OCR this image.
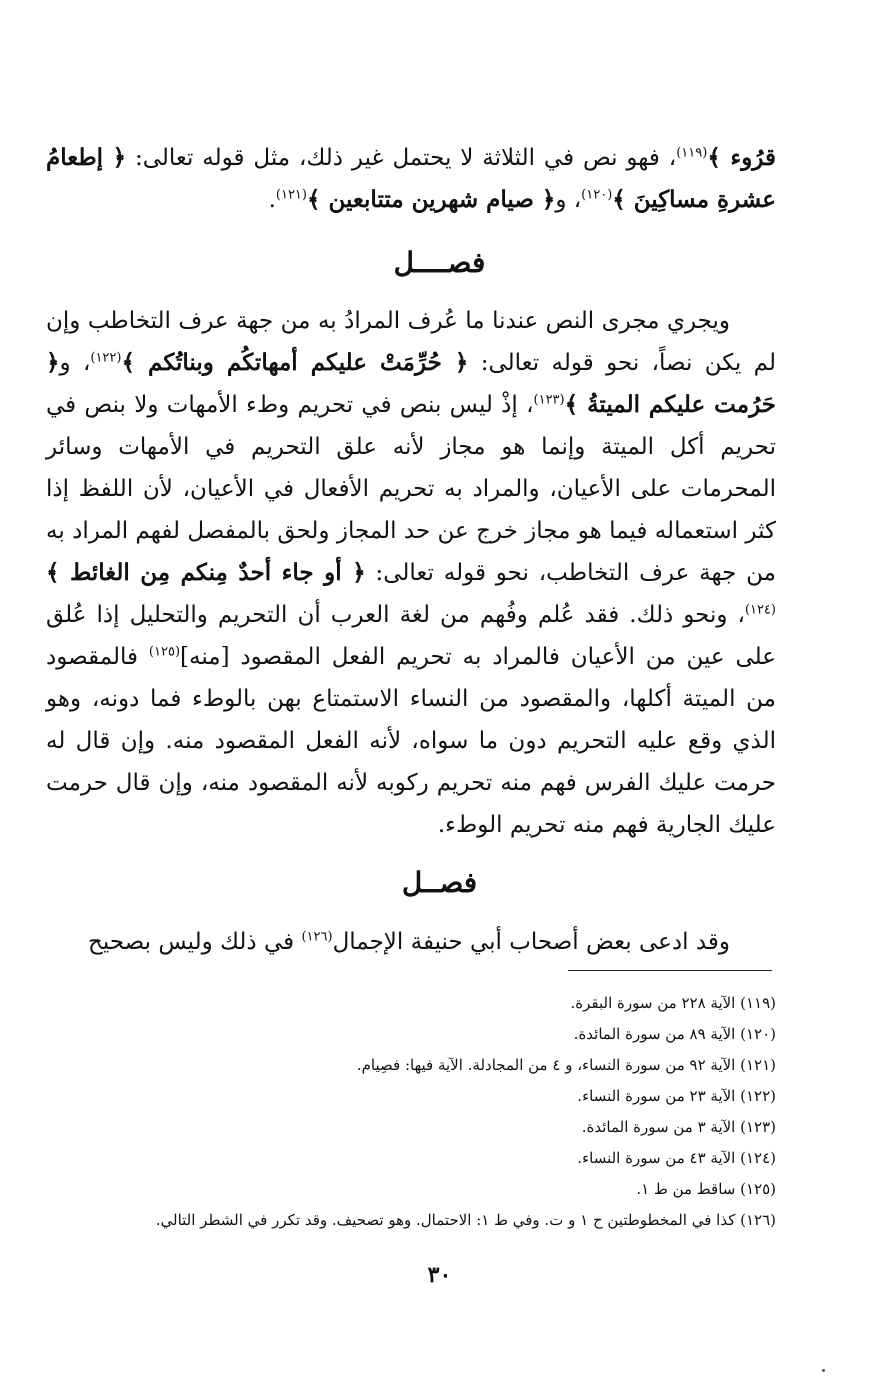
قرُوء ﴾$^{(١١٩)}$، فهو نص في الثلاثة لا يحتمل غير ذلك، مثل قوله تعالى: ﴿ إطعامُ عشرةِ مساكِينَ ﴾$^{(١٢٠)}$، و﴿ صيام شهرين متتابعين ﴾$^{(١٢١)}$.

فصــــل

ويجري مجرى النص عندنا ما عُرف المرادُ به من جهة عرف التخاطب وإن لم يكن نصاً، نحو قوله تعالى: ﴿ حُرِّمَتْ عليكم أمهاتكُم وبناتُكم ﴾$^{(١٢٢)}$، و﴿ حَرُمت عليكم الميتةُ ﴾$^{(١٢٣)}$، إذْ ليس بنص في تحريم وطء الأمهات ولا بنص في تحريم أكل الميتة وإنما هو مجاز لأنه علق التحريم في الأمهات وسائر المحرمات على الأعيان، والمراد به تحريم الأفعال في الأعيان، لأن اللفظ إذا كثر استعماله فيما هو مجاز خرج عن حد المجاز ولحق بالمفصل لفهم المراد به من جهة عرف التخاطب، نحو قوله تعالى: ﴿ أو جاء أحدٌ مِنكم مِن الغائط ﴾$^{(١٢٤)}$، ونحو ذلك. فقد عُلم وفُهم من لغة العرب أن التحريم والتحليل إذا عُلق على عين من الأعيان فالمراد به تحريم الفعل المقصود [منه]$^{(١٢٥)}$ فالمقصود من الميتة أكلها، والمقصود من النساء الاستمتاع بهن بالوطء فما دونه، وهو الذي وقع عليه التحريم دون ما سواه، لأنه الفعل المقصود منه. وإن قال له حرمت عليك الفرس فهم منه تحريم ركوبه لأنه المقصود منه، وإن قال حرمت عليك الجارية فهم منه تحريم الوطء.

فصــل

وقد ادعى بعض أصحاب أبي حنيفة الإجمال$^{(١٢٦)}$ في ذلك وليس بصحيح

(١١٩) الآية ٢٢٨ من سورة البقرة.
(١٢٠) الآية ٨٩ من سورة المائدة.
(١٢١) الآية ٩٢ من سورة النساء، و ٤ من المجادلة. الآية فيها: فصِيام.
(١٢٢) الآية ٢٣ من سورة النساء.
(١٢٣) الآية ٣ من سورة المائدة.
(١٢٤) الآية ٤٣ من سورة النساء.
(١٢٥) ساقط من ط ١.
(١٢٦) كذا في المخطوطتين ح ١ و ت. وفي ط ١: الاحتمال. وهو تصحيف. وقد تكرر في الشطر التالي.
٣٠
